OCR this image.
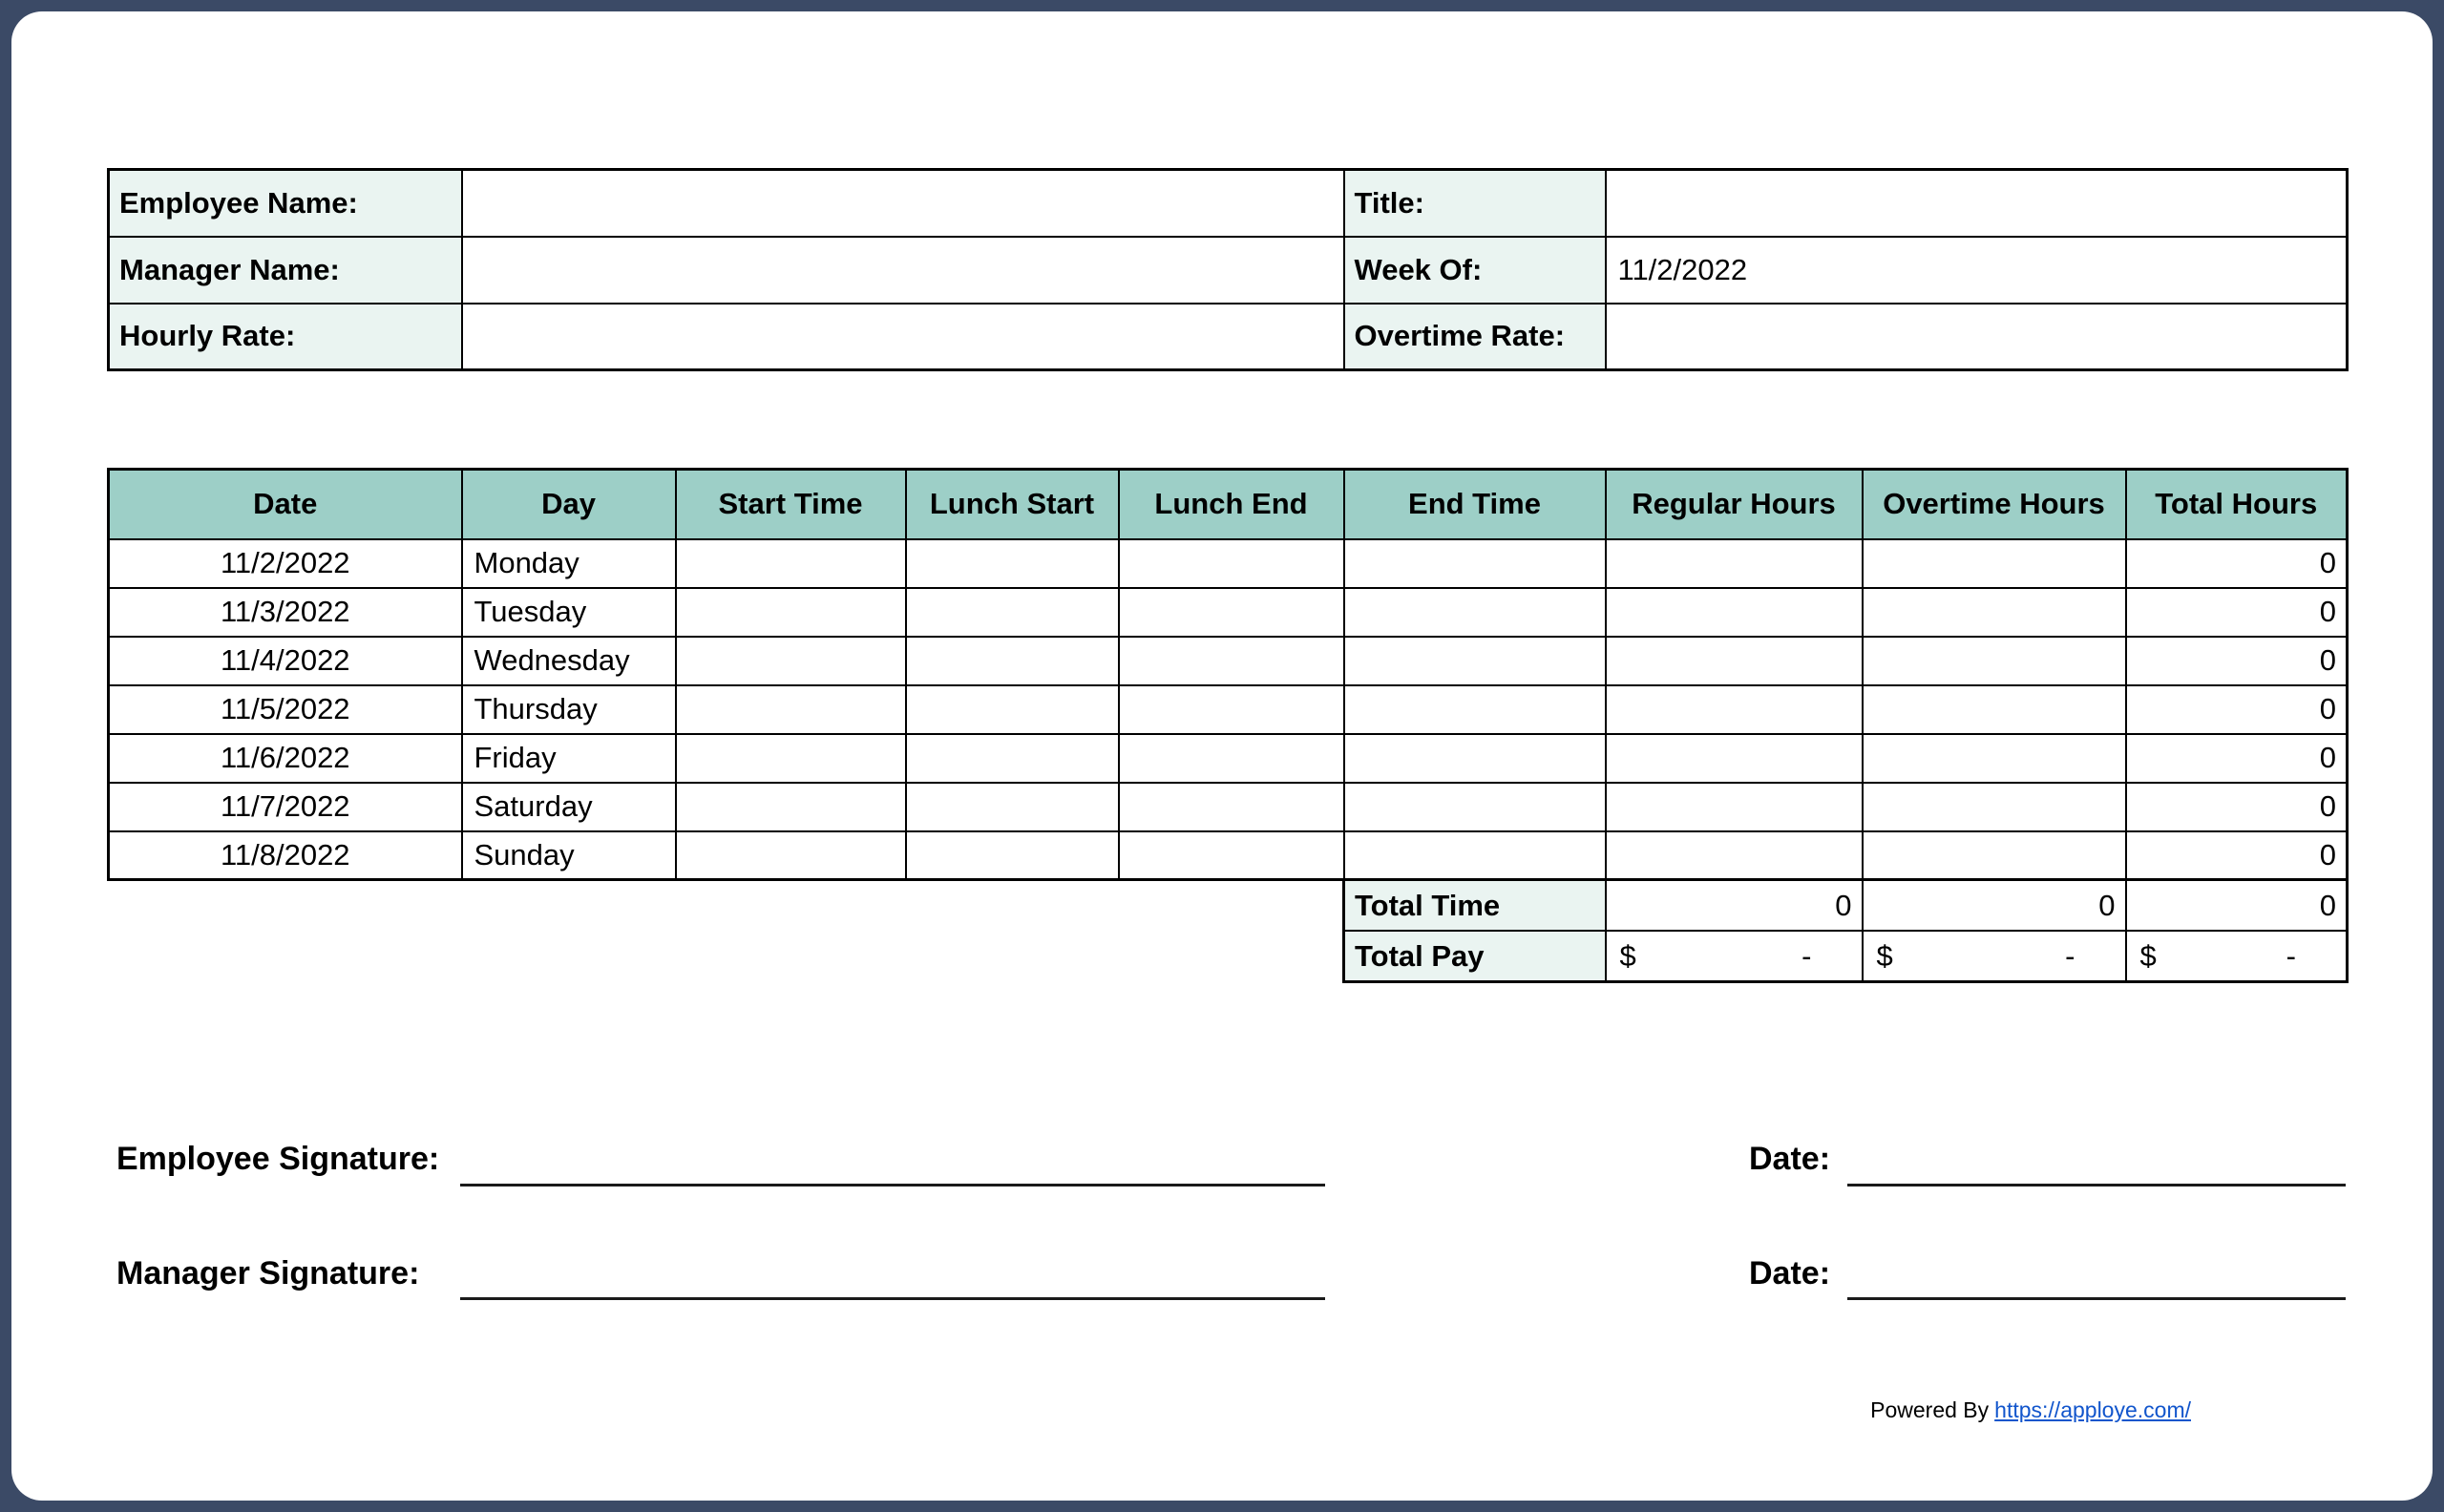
Employee Name:		Title:	
Manager Name:		Week Of:	11/2/2022
Hourly Rate:		Overtime Rate:	
Date	Day	Start Time	Lunch Start	Lunch End	End Time	Regular Hours	Overtime Hours	Total Hours
11/2/2022	Monday							0
11/3/2022	Tuesday							0
11/4/2022	Wednesday							0
11/5/2022	Thursday							0
11/6/2022	Friday							0
11/7/2022	Saturday							0
11/8/2022	Sunday							0
Total Time	0	0	0
Total Pay	$ -	$ -	$ -
Employee Signature:	Date:
Manager Signature:	Date:
Powered By https://apploye.com/
